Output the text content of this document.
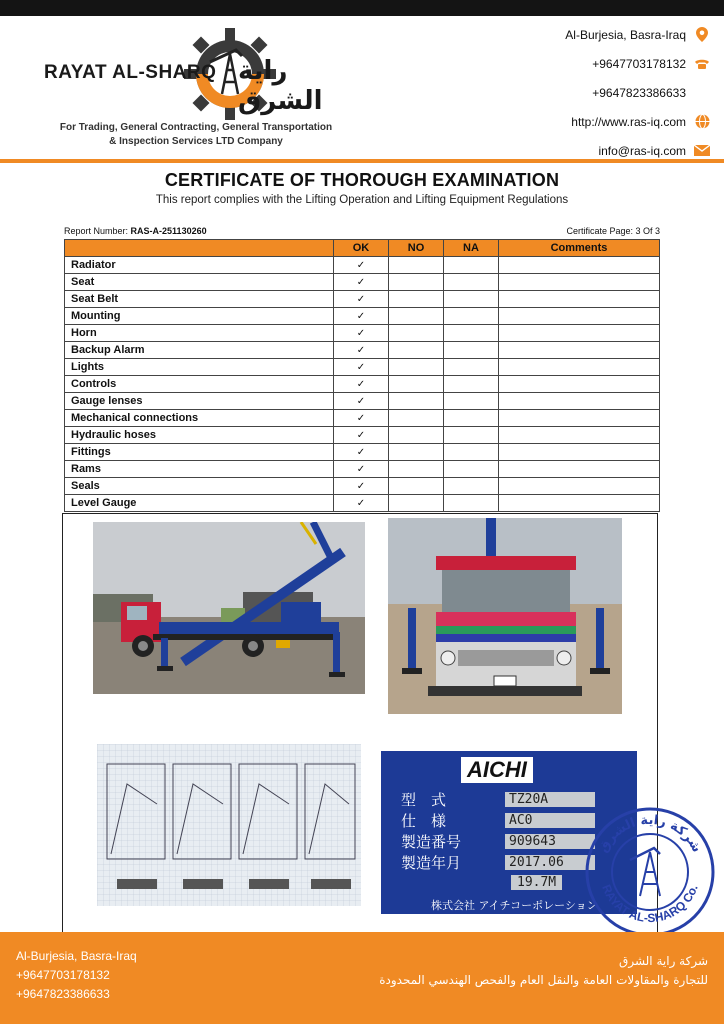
RAYAT AL-SHARQ راية الشرق
For Trading, General Contracting, General Transportation
& Inspection Services LTD Company
Al-Burjesia, Basra-Iraq
+9647703178132
+9647823386633
http://www.ras-iq.com
info@ras-iq.com
CERTIFICATE OF THOROUGH EXAMINATION
This report complies with the Lifting Operation and Lifting Equipment Regulations
Report Number: RAS-A-251130260	Certificate Page: 3 Of 3
	OK	NO	NA	Comments
Radiator	✓			
Seat	✓			
Seat Belt	✓			
Mounting	✓			
Horn	✓			
Backup Alarm	✓			
Lights	✓			
Controls	✓			
Gauge lenses	✓			
Mechanical connections	✓			
Hydraulic hoses	✓			
Fittings	✓			
Rams	✓			
Seals	✓			
Level Gauge	✓			
AICHI
型　式	TZ20A
仕　様	AC0
製造番号	909643
製造年月	2017.06
19.7M
株式会社 アイチコーポレーション
شركة راية الشرق
RAYAT AL-SHARQ Co.
Al-Burjesia, Basra-Iraq
+9647703178132
+9647823386633
شركة راية الشرق
للتجارة والمقاولات العامة والنقل العام والفحص الهندسي المحدودة
